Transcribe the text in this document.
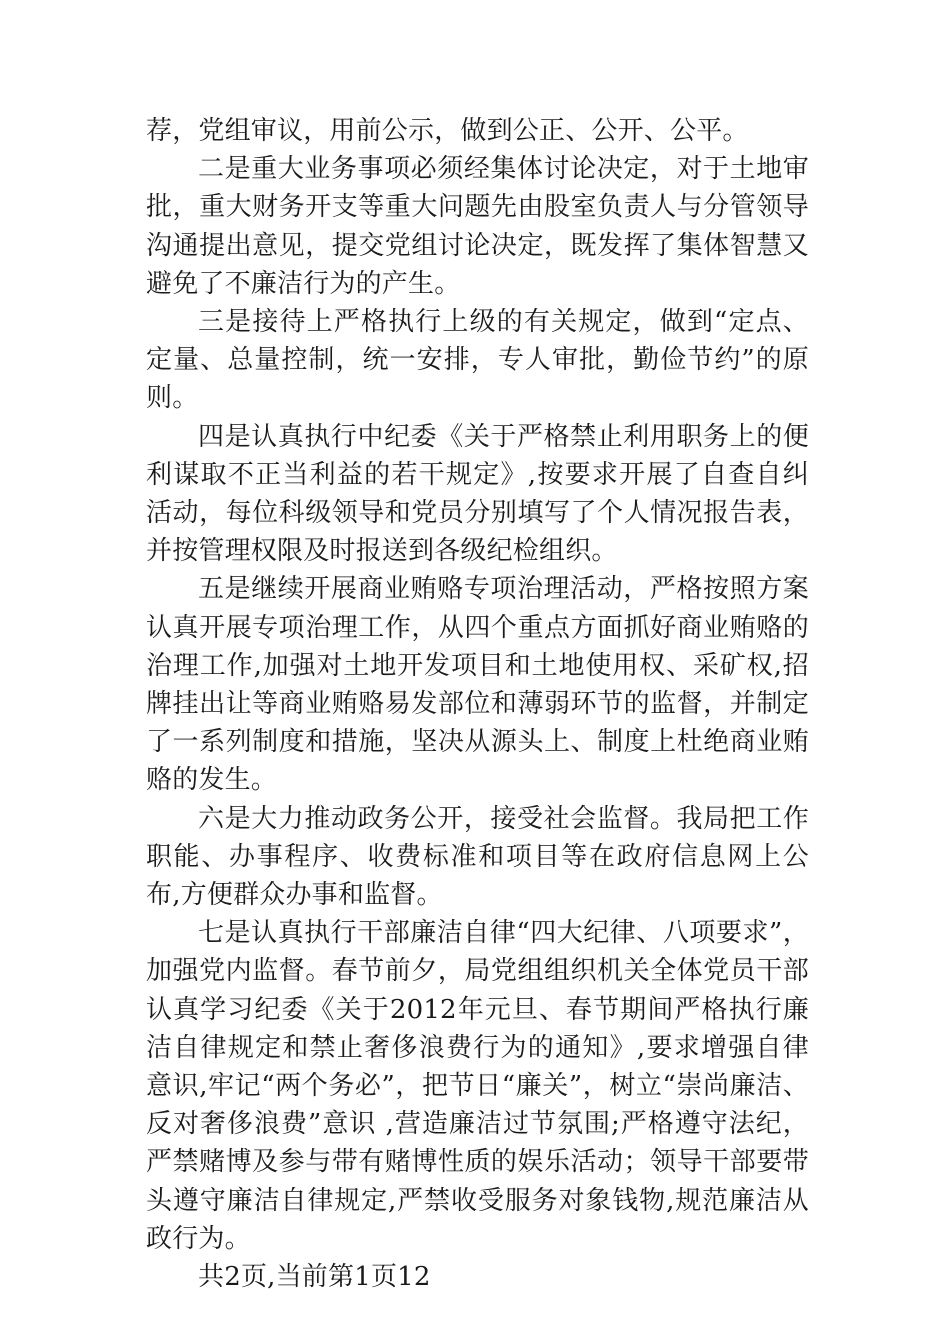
荐，党组审议，用前公示，做到公正、公开、公平。

二是重大业务事项必须经集体讨论决定，对于土地审批，重大财务开支等重大问题先由股室负责人与分管领导沟通提出意见，提交党组讨论决定，既发挥了集体智慧又避免了不廉洁行为的产生。

三是接待上严格执行上级的有关规定，做到“定点、定量、总量控制，统一安排，专人审批，勤俭节约”的原则。

四是认真执行中纪委《关于严格禁止利用职务上的便利谋取不正当利益的若干规定》,按要求开展了自查自纠活动，每位科级领导和党员分别填写了个人情况报告表，并按管理权限及时报送到各级纪检组织。

五是继续开展商业贿赂专项治理活动，严格按照方案认真开展专项治理工作，从四个重点方面抓好商业贿赂的治理工作,加强对土地开发项目和土地使用权、采矿权,招牌挂出让等商业贿赂易发部位和薄弱环节的监督，并制定了一系列制度和措施，坚决从源头上、制度上杜绝商业贿赂的发生。

六是大力推动政务公开，接受社会监督。我局把工作职能、办事程序、收费标准和项目等在政府信息网上公布,方便群众办事和监督。

七是认真执行干部廉洁自律“四大纪律、八项要求”，加强党内监督。春节前夕，局党组组织机关全体党员干部认真学习纪委《关于2012年元旦、春节期间严格执行廉洁自律规定和禁止奢侈浪费行为的通知》,要求增强自律意识,牢记“两个务必”，把节日“廉关”，树立“崇尚廉洁、反对奢侈浪费”意识 ,营造廉洁过节氛围;严格遵守法纪，严禁赌博及参与带有赌博性质的娱乐活动；领导干部要带头遵守廉洁自律规定,严禁收受服务对象钱物,规范廉洁从政行为。

共2页,当前第1页12
